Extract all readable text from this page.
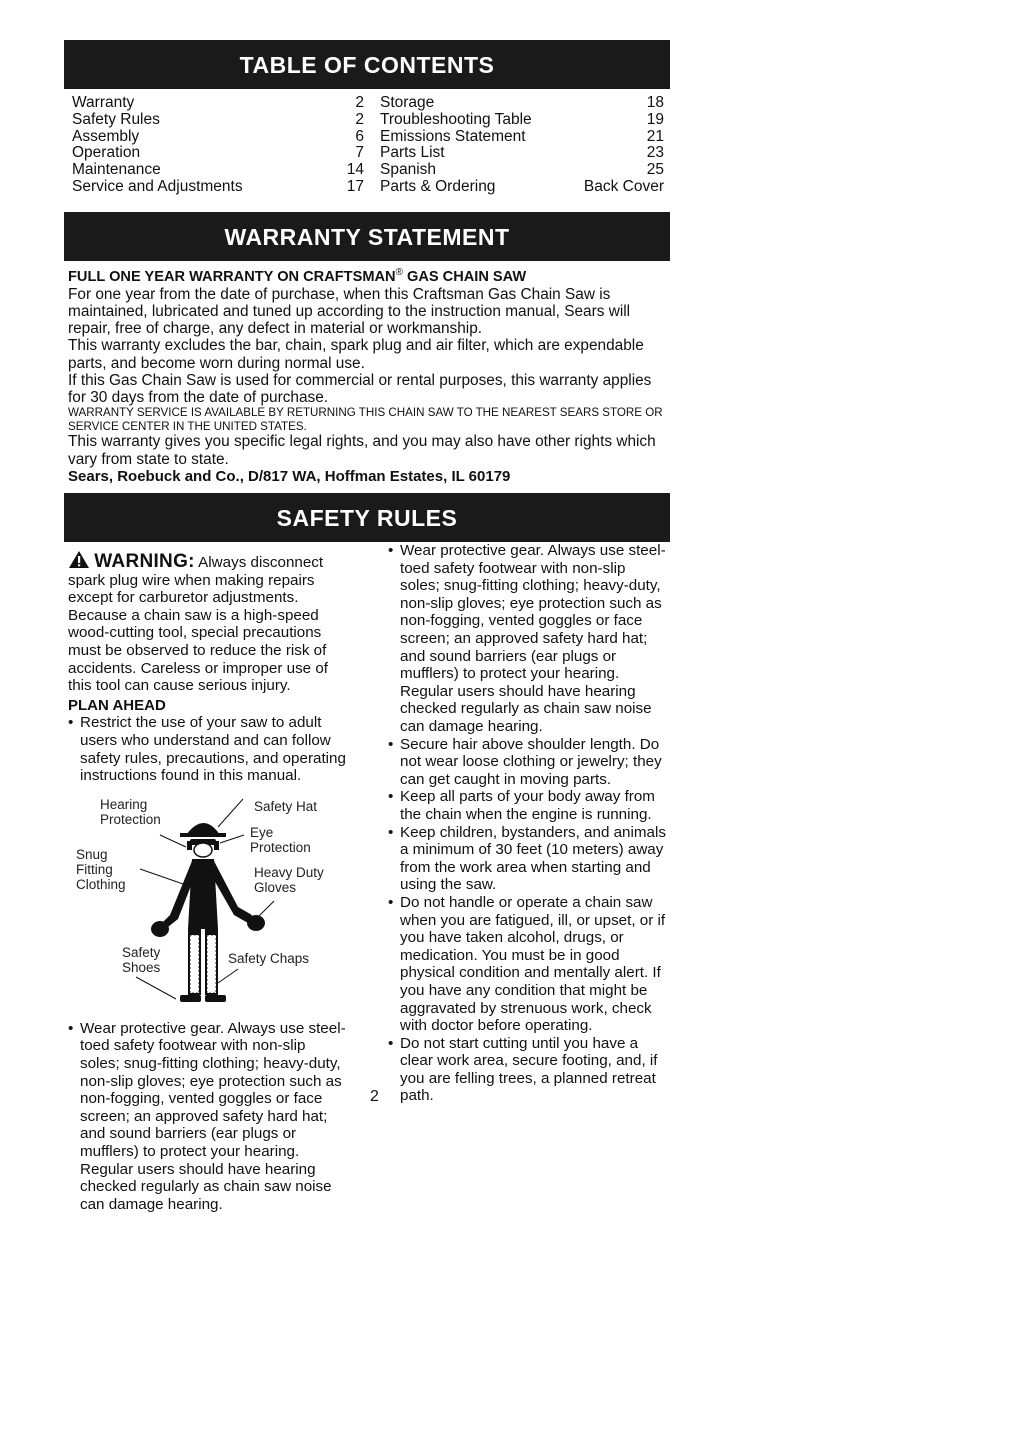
TABLE OF CONTENTS
Warranty	2
Safety Rules	2
Assembly	6
Operation	7
Maintenance	14
Service and Adjustments	17
Storage	18
Troubleshooting Table	19
Emissions Statement	21
Parts List	23
Spanish	25
Parts & Ordering	Back Cover
WARRANTY STATEMENT

FULL ONE YEAR WARRANTY ON CRAFTSMAN® GAS CHAIN SAW

For one year from the date of purchase, when this Craftsman Gas Chain Saw is maintained, lubricated and tuned up according to the instruction manual, Sears will repair, free of charge, any defect in material or workmanship.

This warranty excludes the bar, chain, spark plug and air filter, which are expendable parts, and become worn during normal use.

If this Gas Chain Saw is used for commercial or rental purposes, this warranty applies for 30 days from the date of purchase.

WARRANTY SERVICE IS AVAILABLE BY RETURNING THIS CHAIN SAW TO THE NEAREST SEARS STORE OR SERVICE CENTER IN THE UNITED STATES.

This warranty gives you specific legal rights, and you may also have other rights which vary from state to state.

Sears, Roebuck and Co., D/817 WA, Hoffman Estates, IL 60179

SAFETY RULES
WARNING: Always disconnect spark plug wire when making repairs except for carburetor adjustments. Because a chain saw is a high-speed wood-cutting tool, special precautions must be observed to reduce the risk of accidents. Careless or improper use of this tool can cause serious injury.
PLAN AHEAD
• Restrict the use of your saw to adult users who understand and can follow safety rules, precautions, and operating instructions found in this manual.
Hearing
Protection
Safety Hat
Eye
Protection
Snug
Fitting
Clothing
Heavy Duty
Gloves
Safety
Shoes
Safety Chaps
• Wear protective gear. Always use steel-toed safety footwear with non-slip soles; snug-fitting clothing; heavy-duty, non-slip gloves; eye protection such as non-fogging, vented goggles or face screen; an approved safety hard hat; and sound barriers (ear plugs or mufflers) to protect your hearing. Regular users should have hearing checked regularly as chain saw noise can damage hearing.
• Wear protective gear. Always use steel-toed safety footwear with non-slip soles; snug-fitting clothing; heavy-duty, non-slip gloves; eye protection such as non-fogging, vented goggles or face screen; an approved safety hard hat; and sound barriers (ear plugs or mufflers) to protect your hearing. Regular users should have hearing checked regularly as chain saw noise can damage hearing.
• Secure hair above shoulder length. Do not wear loose clothing or jewelry; they can get caught in moving parts.
• Keep all parts of your body away from the chain when the engine is running.
• Keep children, bystanders, and animals a minimum of 30 feet (10 meters) away from the work area when starting and using the saw.
• Do not handle or operate a chain saw when you are fatigued, ill, or upset, or if you have taken alcohol, drugs, or medication. You must be in good physical condition and mentally alert. If you have any condition that might be aggravated by strenuous work, check with doctor before operating.
• Do not start cutting until you have a clear work area, secure footing, and, if you are felling trees, a planned retreat path.
2
